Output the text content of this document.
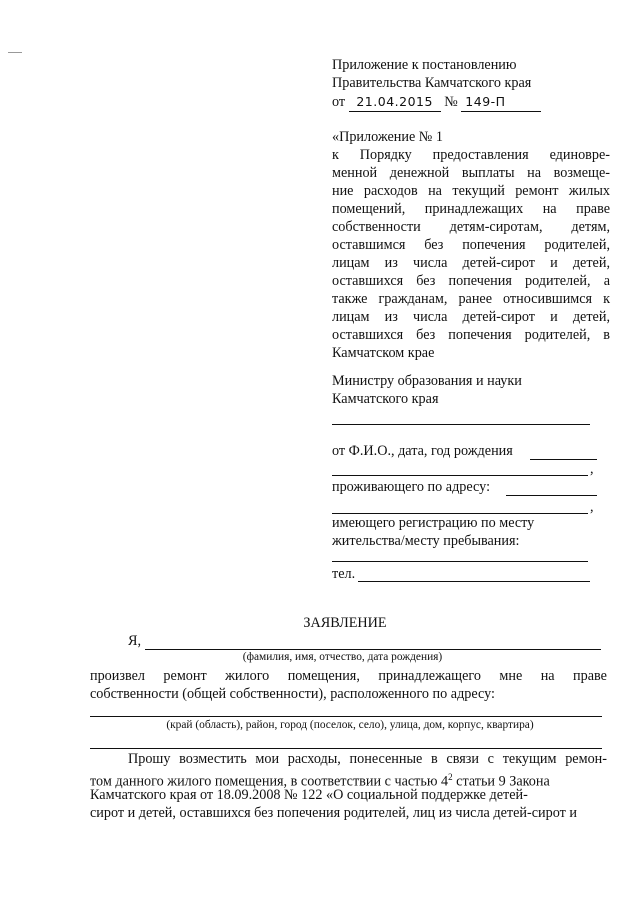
Приложение к постановлению
Правительства Камчатского края
от 21.04.2015 № 149-П
«Приложение № 1
к Порядку предоставления единовре-
менной денежной выплаты на возмеще-
ние расходов на текущий ремонт жилых
помещений, принадлежащих на праве
собственности детям-сиротам, детям,
оставшимся без попечения родителей,
лицам из числа детей-сирот и детей,
оставшихся без попечения родителей, а
также гражданам, ранее относившимся к
лицам из числа детей-сирот и детей,
оставшихся без попечения родителей, в
Камчатском крае
Министру образования и науки
Камчатского края
от Ф.И.О., дата, год рождения
,
проживающего по адресу:
,
имеющего регистрацию по месту
жительства/месту пребывания:
тел.
ЗАЯВЛЕНИЕ
Я,
(фамилия, имя, отчество, дата рождения)
произвел ремонт жилого помещения, принадлежащего мне на праве
собственности (общей собственности), расположенного по адресу:
(край (область), район, город (поселок, село), улица, дом, корпус, квартира)
Прошу возместить мои расходы, понесенные в связи с текущим ремон-
том данного жилого помещения, в соответствии с частью $4^2$ статьи 9 Закона
Камчатского края от 18.09.2008 № 122 «О социальной поддержке детей-
сирот и детей, оставшихся без попечения родителей, лиц из числа детей-сирот и
